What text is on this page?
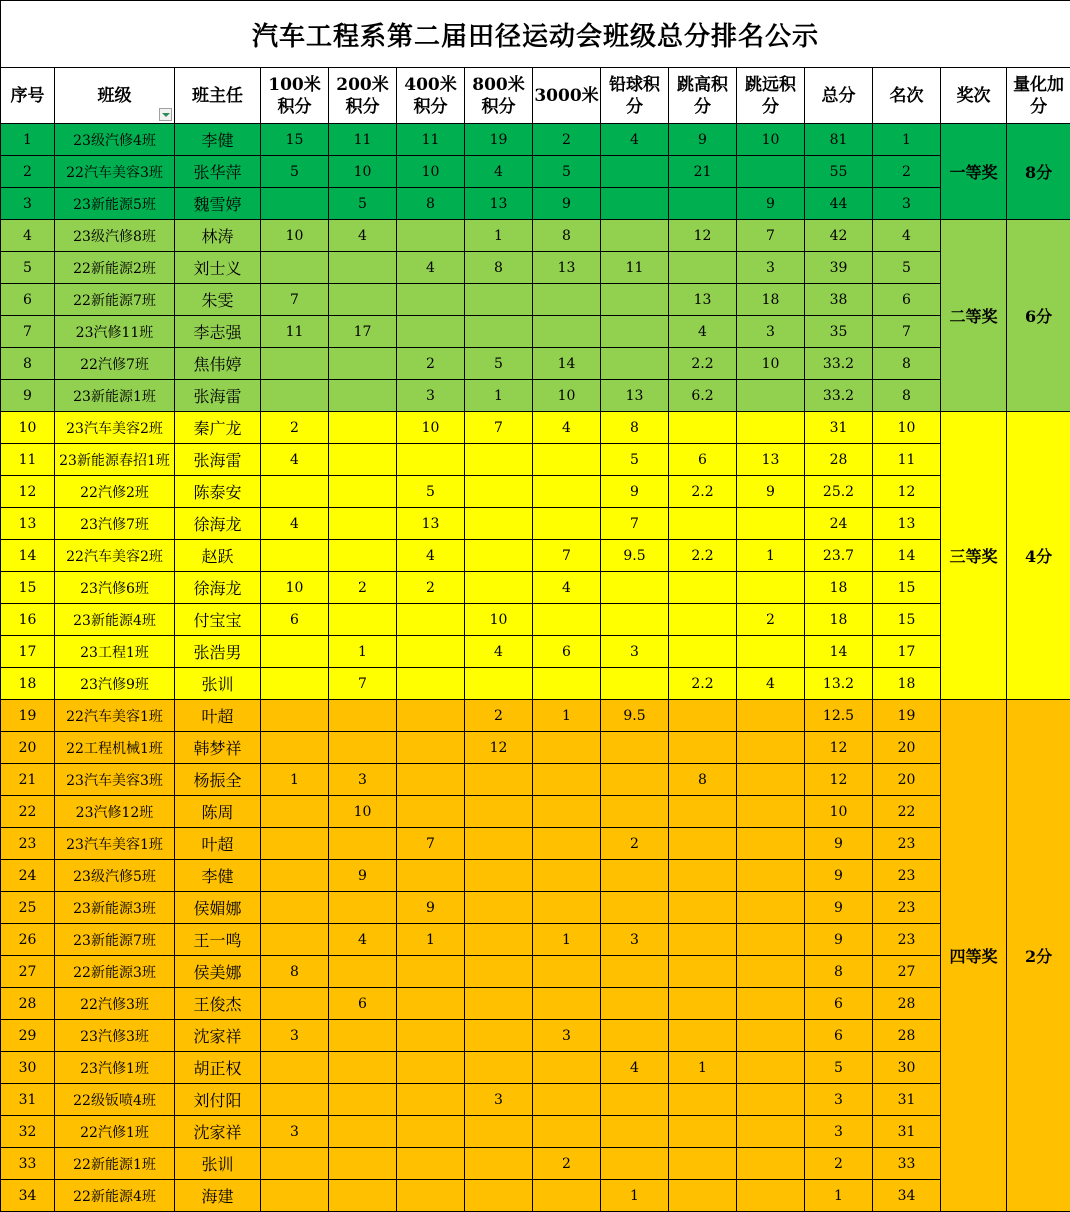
汽车工程系第二届田径运动会班级总分排名公示														
序号	班级	班主任	100米积分	200米积分	400米积分	800米积分	3000米	铅球积分	跳高积分	跳远积分	总分	名次	奖次	量化加分
1	23级汽修4班	李健	15	11	11	19	2	4	9	10	81	1	一等奖	8分
2	22汽车美容3班	张华萍	5	10	10	4	5		21		55	2		
3	23新能源5班	魏雪婷		5	8	13	9			9	44	3		
4	23级汽修8班	林涛	10	4		1	8		12	7	42	4	二等奖	6分
5	22新能源2班	刘士义			4	8	13	11		3	39	5		
6	22新能源7班	朱雯	7						13	18	38	6		
7	23汽修11班	李志强	11	17					4	3	35	7		
8	22汽修7班	焦伟婷			2	5	14		2.2	10	33.2	8		
9	23新能源1班	张海雷			3	1	10	13	6.2		33.2	8		
10	23汽车美容2班	秦广龙	2		10	7	4	8			31	10	三等奖	4分
11	23新能源春招1班	张海雷	4					5	6	13	28	11		
12	22汽修2班	陈泰安			5			9	2.2	9	25.2	12		
13	23汽修7班	徐海龙	4		13			7			24	13		
14	22汽车美容2班	赵跃			4		7	9.5	2.2	1	23.7	14		
15	23汽修6班	徐海龙	10	2	2		4				18	15		
16	23新能源4班	付宝宝	6			10				2	18	15		
17	23工程1班	张浩男		1		4	6	3			14	17		
18	23汽修9班	张训		7					2.2	4	13.2	18		
19	22汽车美容1班	叶超				2	1	9.5			12.5	19	四等奖	2分
20	22工程机械1班	韩梦祥				12					12	20		
21	23汽车美容3班	杨振全	1	3					8		12	20		
22	23汽修12班	陈周		10							10	22		
23	23汽车美容1班	叶超			7			2			9	23		
24	23级汽修5班	李健		9							9	23		
25	23新能源3班	侯媚娜			9						9	23		
26	23新能源7班	王一鸣		4	1		1	3			9	23		
27	22新能源3班	侯美娜	8								8	27		
28	22汽修3班	王俊杰		6							6	28		
29	23汽修3班	沈家祥	3				3				6	28		
30	23汽修1班	胡正权						4	1		5	30		
31	22级钣喷4班	刘付阳				3					3	31		
32	22汽修1班	沈家祥	3								3	31		
33	22新能源1班	张训					2				2	33		
34	22新能源4班	海建						1			1	34		
